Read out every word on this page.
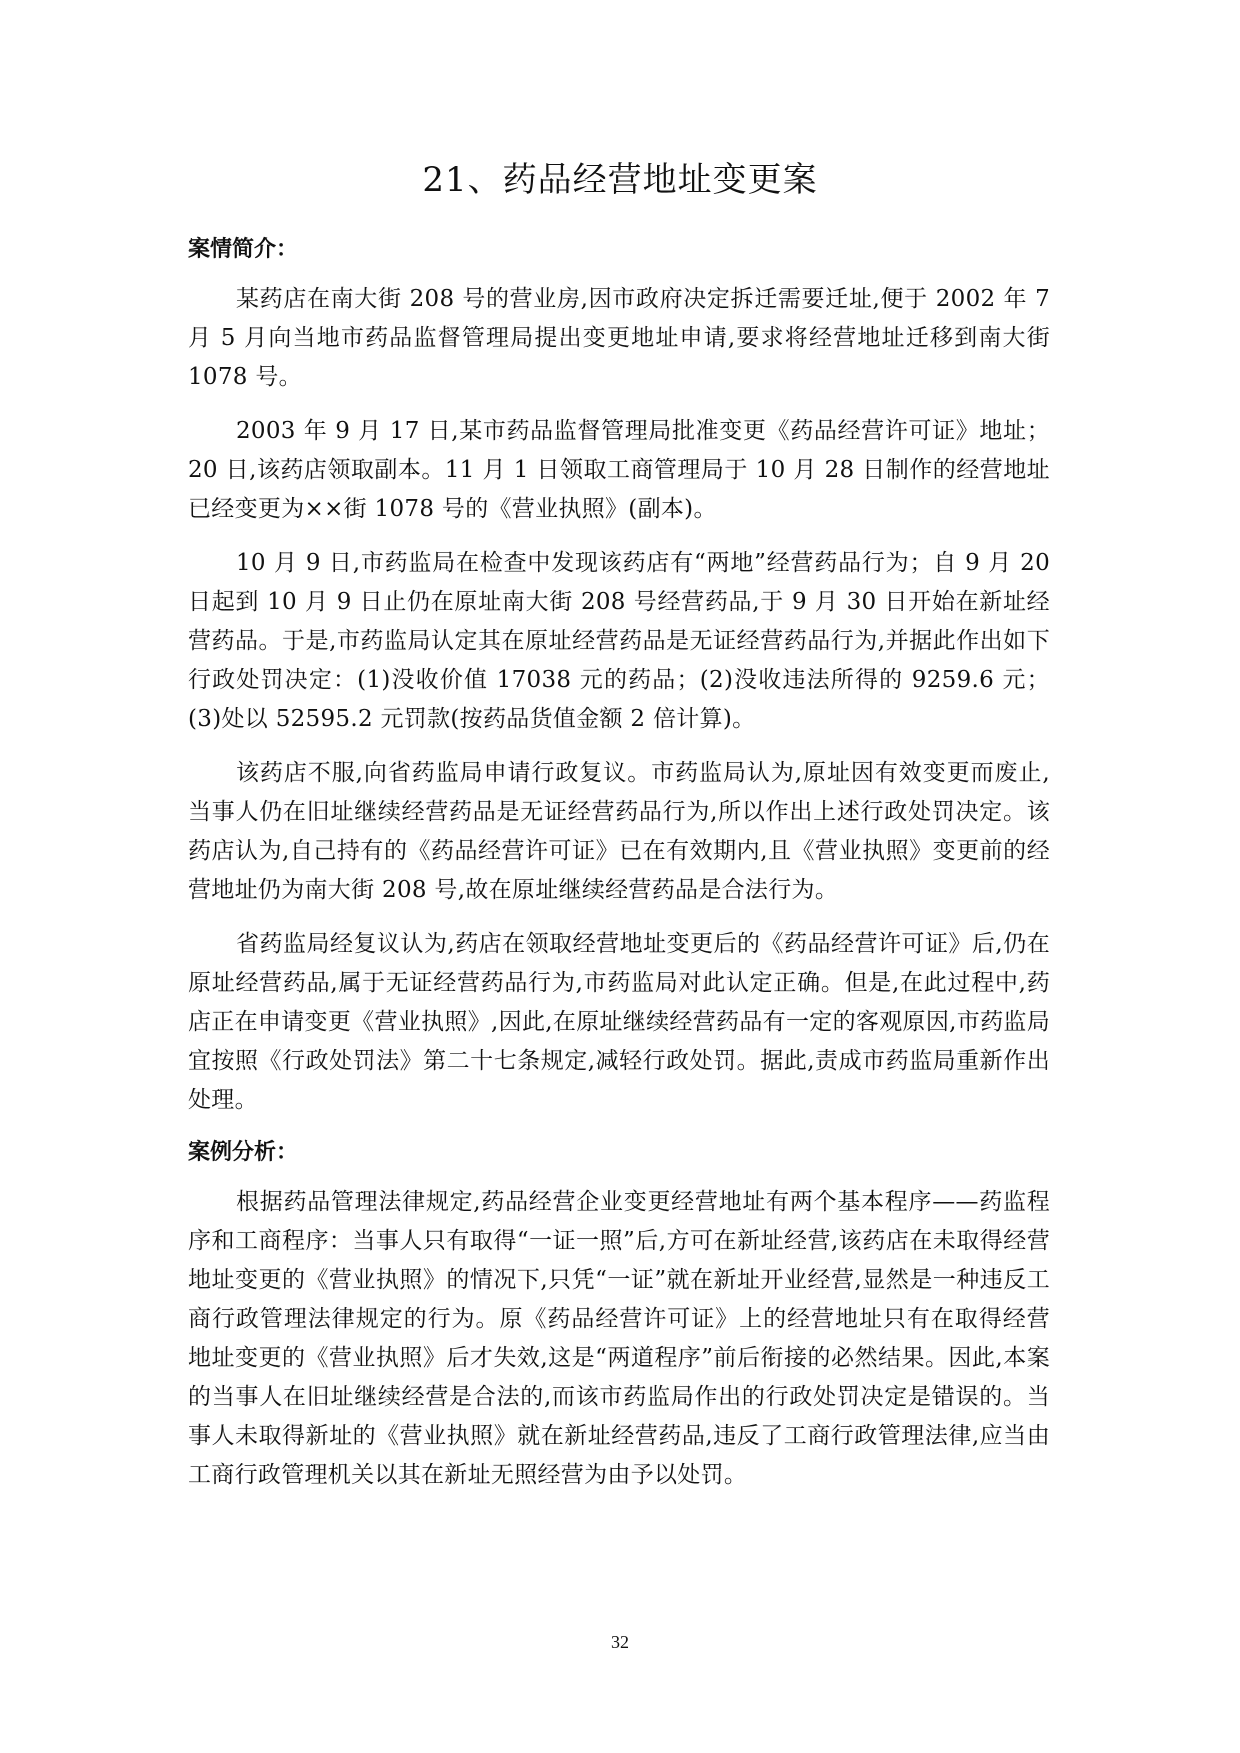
21、药品经营地址变更案
案情简介：

某药店在南大街 208 号的营业房,因市政府决定拆迁需要迁址,便于 2002 年 7 月 5 月向当地市药品监督管理局提出变更地址申请,要求将经营地址迁移到南大街 1078 号。

2003 年 9 月 17 日,某市药品监督管理局批准变更《药品经营许可证》地址；20 日,该药店领取副本。11 月 1 日领取工商管理局于 10 月 28 日制作的经营地址已经变更为××街 1078 号的《营业执照》(副本)。

10 月 9 日,市药监局在检查中发现该药店有“两地”经营药品行为；自 9 月 20 日起到 10 月 9 日止仍在原址南大街 208 号经营药品,于 9 月 30 日开始在新址经营药品。于是,市药监局认定其在原址经营药品是无证经营药品行为,并据此作出如下行政处罚决定：(1)没收价值 17038 元的药品；(2)没收违法所得的 9259.6 元；(3)处以 52595.2 元罚款(按药品货值金额 2 倍计算)。

该药店不服,向省药监局申请行政复议。市药监局认为,原址因有效变更而废止,当事人仍在旧址继续经营药品是无证经营药品行为,所以作出上述行政处罚决定。该药店认为,自己持有的《药品经营许可证》已在有效期内,且《营业执照》变更前的经营地址仍为南大街 208 号,故在原址继续经营药品是合法行为。

省药监局经复议认为,药店在领取经营地址变更后的《药品经营许可证》后,仍在原址经营药品,属于无证经营药品行为,市药监局对此认定正确。但是,在此过程中,药店正在申请变更《营业执照》,因此,在原址继续经营药品有一定的客观原因,市药监局宜按照《行政处罚法》第二十七条规定,减轻行政处罚。据此,责成市药监局重新作出处理。

案例分析：

根据药品管理法律规定,药品经营企业变更经营地址有两个基本程序——药监程序和工商程序：当事人只有取得“一证一照”后,方可在新址经营,该药店在未取得经营地址变更的《营业执照》的情况下,只凭“一证”就在新址开业经营,显然是一种违反工商行政管理法律规定的行为。原《药品经营许可证》上的经营地址只有在取得经营地址变更的《营业执照》后才失效,这是“两道程序”前后衔接的必然结果。因此,本案的当事人在旧址继续经营是合法的,而该市药监局作出的行政处罚决定是错误的。当事人未取得新址的《营业执照》就在新址经营药品,违反了工商行政管理法律,应当由工商行政管理机关以其在新址无照经营为由予以处罚。

32
